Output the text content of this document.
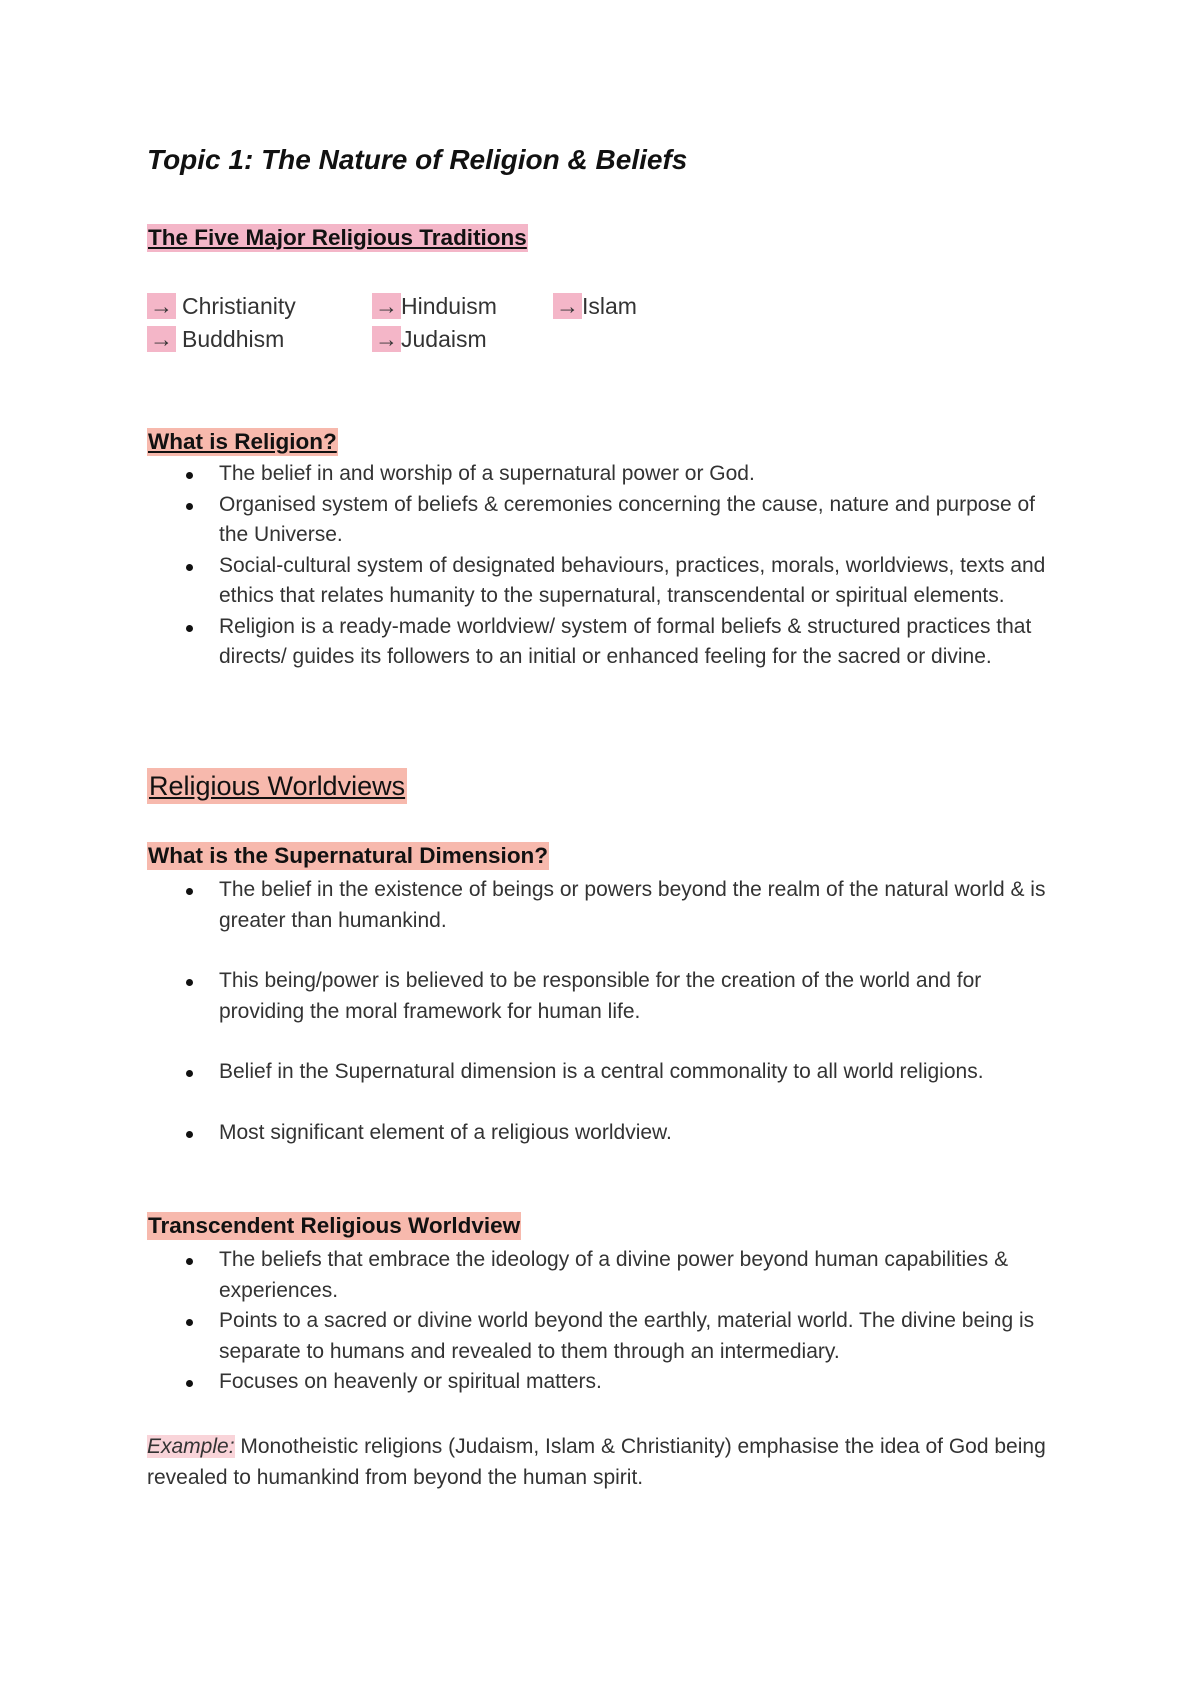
Topic 1: The Nature of Religion & Beliefs
The Five Major Religious Traditions
→ Christianity	→ Hinduism	→ Islam
→ Buddhism	→ Judaism
What is Religion?
The belief in and worship of a supernatural power or God.
Organised system of beliefs & ceremonies concerning the cause, nature and purpose of the Universe.
Social-cultural system of designated behaviours, practices, morals, worldviews, texts and ethics that relates humanity to the supernatural, transcendental or spiritual elements.
Religion is a ready-made worldview/ system of formal beliefs & structured practices that directs/ guides its followers to an initial or enhanced feeling for the sacred or divine.
Religious Worldviews
What is the Supernatural Dimension?
The belief in the existence of beings or powers beyond the realm of the natural world & is greater than humankind.
This being/power is believed to be responsible for the creation of the world and for providing the moral framework for human life.
Belief in the Supernatural dimension is a central commonality to all world religions.
Most significant element of a religious worldview.
Transcendent Religious Worldview
The beliefs that embrace the ideology of a divine power beyond human capabilities & experiences.
Points to a sacred or divine world beyond the earthly, material world. The divine being is separate to humans and revealed to them through an intermediary.
Focuses on heavenly or spiritual matters.

Example: Monotheistic religions (Judaism, Islam & Christianity) emphasise the idea of God being revealed to humankind from beyond the human spirit.
